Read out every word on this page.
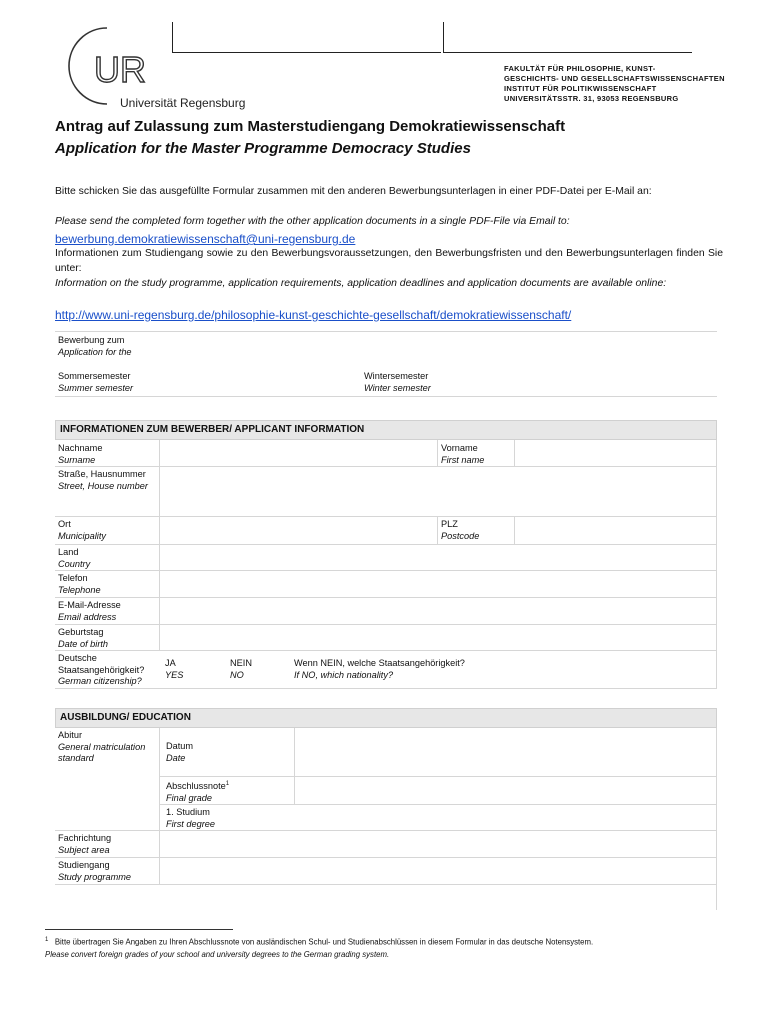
UR
Universität Regensburg
FAKULTÄT FÜR PHILOSOPHIE, KUNST-
GESCHICHTS- UND GESELLSCHAFTSWISSENSCHAFTEN
INSTITUT FÜR POLITIKWISSENSCHAFT
UNIVERSITÄTSSTR. 31, 93053 REGENSBURG
Antrag auf Zulassung zum Masterstudiengang Demokratiewissenschaft
Application for the Master Programme Democracy Studies
Bitte schicken Sie das ausgefüllte Formular zusammen mit den anderen Bewerbungsunterlagen in einer PDF-Datei per E-Mail an:
Please send the completed form together with the other application documents in a single PDF-File via Email to:
bewerbung.demokratiewissenschaft@uni-regensburg.de
Informationen zum Studiengang sowie zu den Bewerbungsvoraussetzungen, den Bewerbungsfristen und den Bewerbungsunterlagen finden Sie unter:
Information on the study programme, application requirements, application deadlines and application documents are available online:
http://www.uni-regensburg.de/philosophie-kunst-geschichte-gesellschaft/demokratiewissenschaft/
Bewerbung zum
Application for the
Sommersemester
Summer semester
Wintersemester
Winter semester
INFORMATIONEN ZUM BEWERBER/ APPLICANT INFORMATION
Nachname
Surname
Vorname
First name
Straße, Hausnummer
Street, House number
Ort
Municipality
PLZ
Postcode
Land
Country
Telefon
Telephone
E-Mail-Adresse
Email address
Geburtstag
Date of birth
Deutsche Staatsangehörigkeit?
German citizenship?
JA
YES
NEIN
NO
Wenn NEIN, welche Staatsangehörigkeit?
If NO, which nationality?
AUSBILDUNG/ EDUCATION
Abitur
General matriculation standard
Datum
Date
Abschlussnote$^1$
Final grade
1. Studium
First degree
Fachrichtung
Subject area
Studiengang
Study programme
$^1$ Bitte übertragen Sie Angaben zu Ihren Abschlussnote von ausländischen Schul- und Studienabschlüssen in diesem Formular in das deutsche Notensystem.
Please convert foreign grades of your school and university degrees to the German grading system.
